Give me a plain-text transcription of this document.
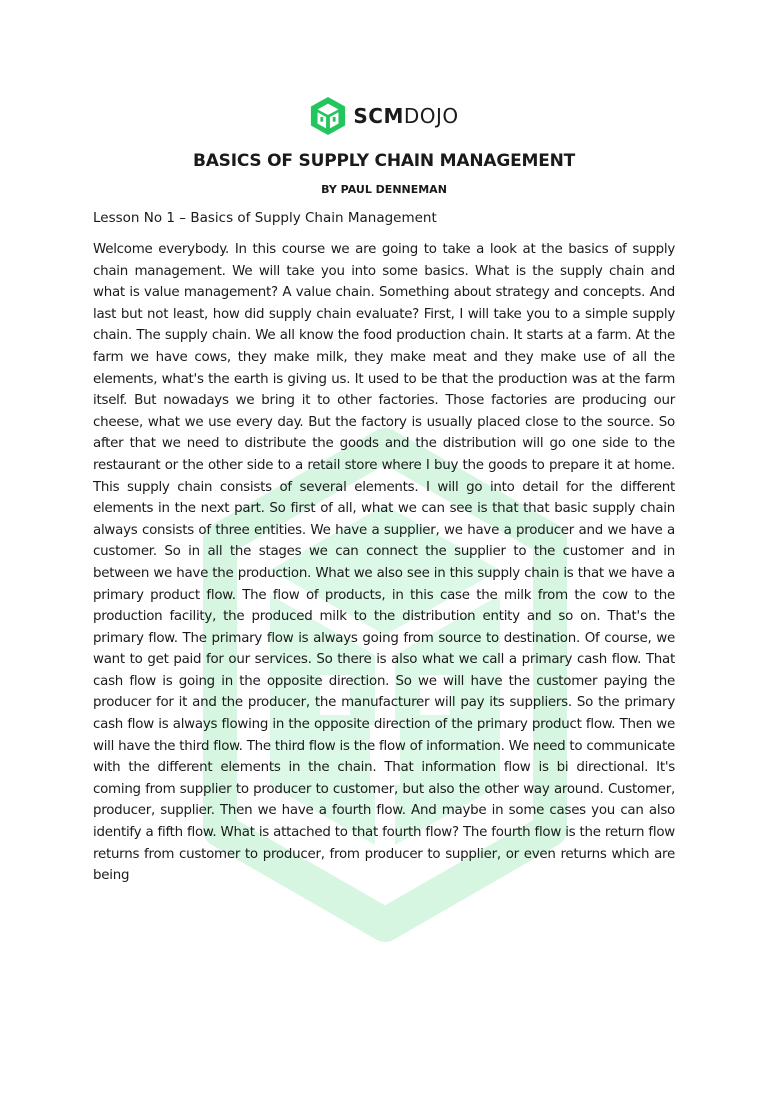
SCMDOJO
BASICS OF SUPPLY CHAIN MANAGEMENT
BY PAUL DENNEMAN
Lesson No 1 – Basics of Supply Chain Management
Welcome everybody. In this course we are going to take a look at the basics of supply chain management. We will take you into some basics. What is the supply chain and what is value management? A value chain. Something about strategy and concepts. And last but not least, how did supply chain evaluate? First, I will take you to a simple supply chain. The supply chain. We all know the food production chain. It starts at a farm. At the farm we have cows, they make milk, they make meat and they make use of all the elements, what's the earth is giving us. It used to be that the production was at the farm itself. But nowadays we bring it to other factories. Those factories are producing our cheese, what we use every day. But the factory is usually placed close to the source. So after that we need to distribute the goods and the distribution will go one side to the restaurant or the other side to a retail store where I buy the goods to prepare it at home. This supply chain consists of several elements. I will go into detail for the different elements in the next part. So first of all, what we can see is that that basic supply chain always consists of three entities. We have a supplier, we have a producer and we have a customer. So in all the stages we can connect the supplier to the customer and in between we have the production. What we also see in this supply chain is that we have a primary product flow. The flow of products, in this case the milk from the cow to the production facility, the produced milk to the distribution entity and so on. That's the primary flow. The primary flow is always going from source to destination. Of course, we want to get paid for our services. So there is also what we call a primary cash flow. That cash flow is going in the opposite direction. So we will have the customer paying the producer for it and the producer, the manufacturer will pay its suppliers. So the primary cash flow is always flowing in the opposite direction of the primary product flow. Then we will have the third flow. The third flow is the flow of information. We need to communicate with the different elements in the chain. That information flow is bi directional. It's coming from supplier to producer to customer, but also the other way around. Customer, producer, supplier. Then we have a fourth flow. And maybe in some cases you can also identify a fifth flow. What is attached to that fourth flow? The fourth flow is the return flow returns from customer to producer, from producer to supplier, or even returns which are being
